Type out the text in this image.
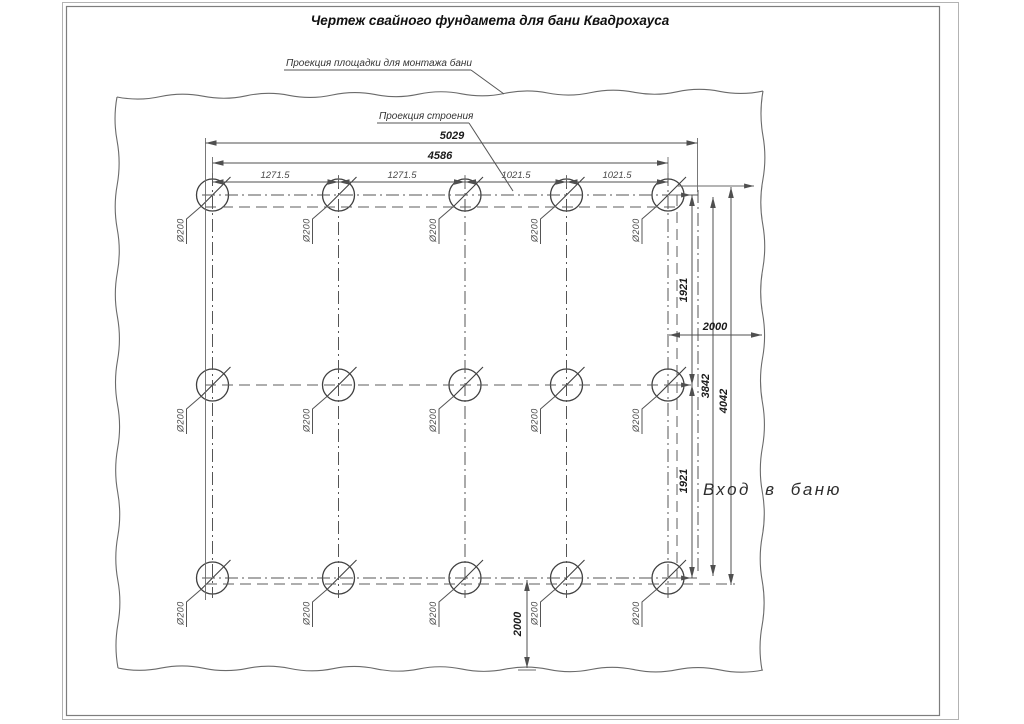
Чертеж свайного фундамета для бани Квадрохауса
Ø200	Ø200	Ø200	Ø200	Ø200
Ø200	Ø200	Ø200	Ø200	Ø200
Ø200	Ø200	Ø200	Ø200	Ø200
5029
4586
1271.5	1271.5	1021.5	1021.5
1921
1921
3842
4042
2000
2000
Проекция площадки для монтажа бани
Проекция строения
Вход в баню
